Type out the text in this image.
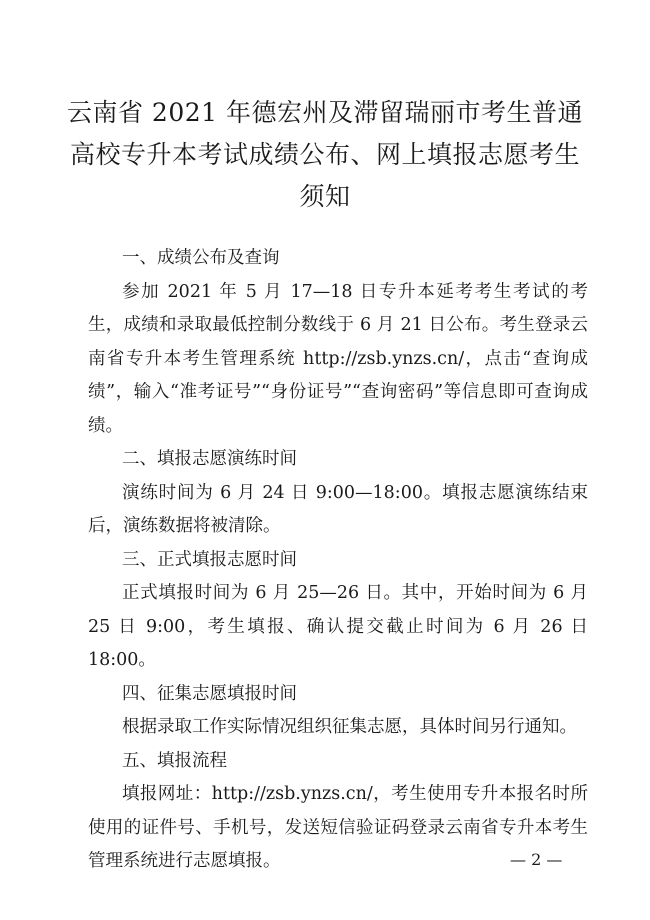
云南省 2021 年德宏州及滞留瑞丽市考生普通
高校专升本考试成绩公布、网上填报志愿考生
须知
一、成绩公布及查询
参加 2021 年 5 月 17—18 日专升本延考考生考试的考生，成绩和录取最低控制分数线于 6 月 21 日公布。考生登录云南省专升本考生管理系统 http://zsb.ynzs.cn/，点击“查询成绩”，输入“准考证号”“身份证号”“查询密码”等信息即可查询成绩。
二、填报志愿演练时间
演练时间为 6 月 24 日 9:00—18:00。填报志愿演练结束后，演练数据将被清除。
三、正式填报志愿时间
正式填报时间为 6 月 25—26 日。其中，开始时间为 6 月 25 日 9:00，考生填报、确认提交截止时间为 6 月 26 日 18:00。
四、征集志愿填报时间
根据录取工作实际情况组织征集志愿，具体时间另行通知。
五、填报流程
填报网址：http://zsb.ynzs.cn/，考生使用专升本报名时所使用的证件号、手机号，发送短信验证码登录云南省专升本考生 管理系统进行志愿填报。	— 2 —
